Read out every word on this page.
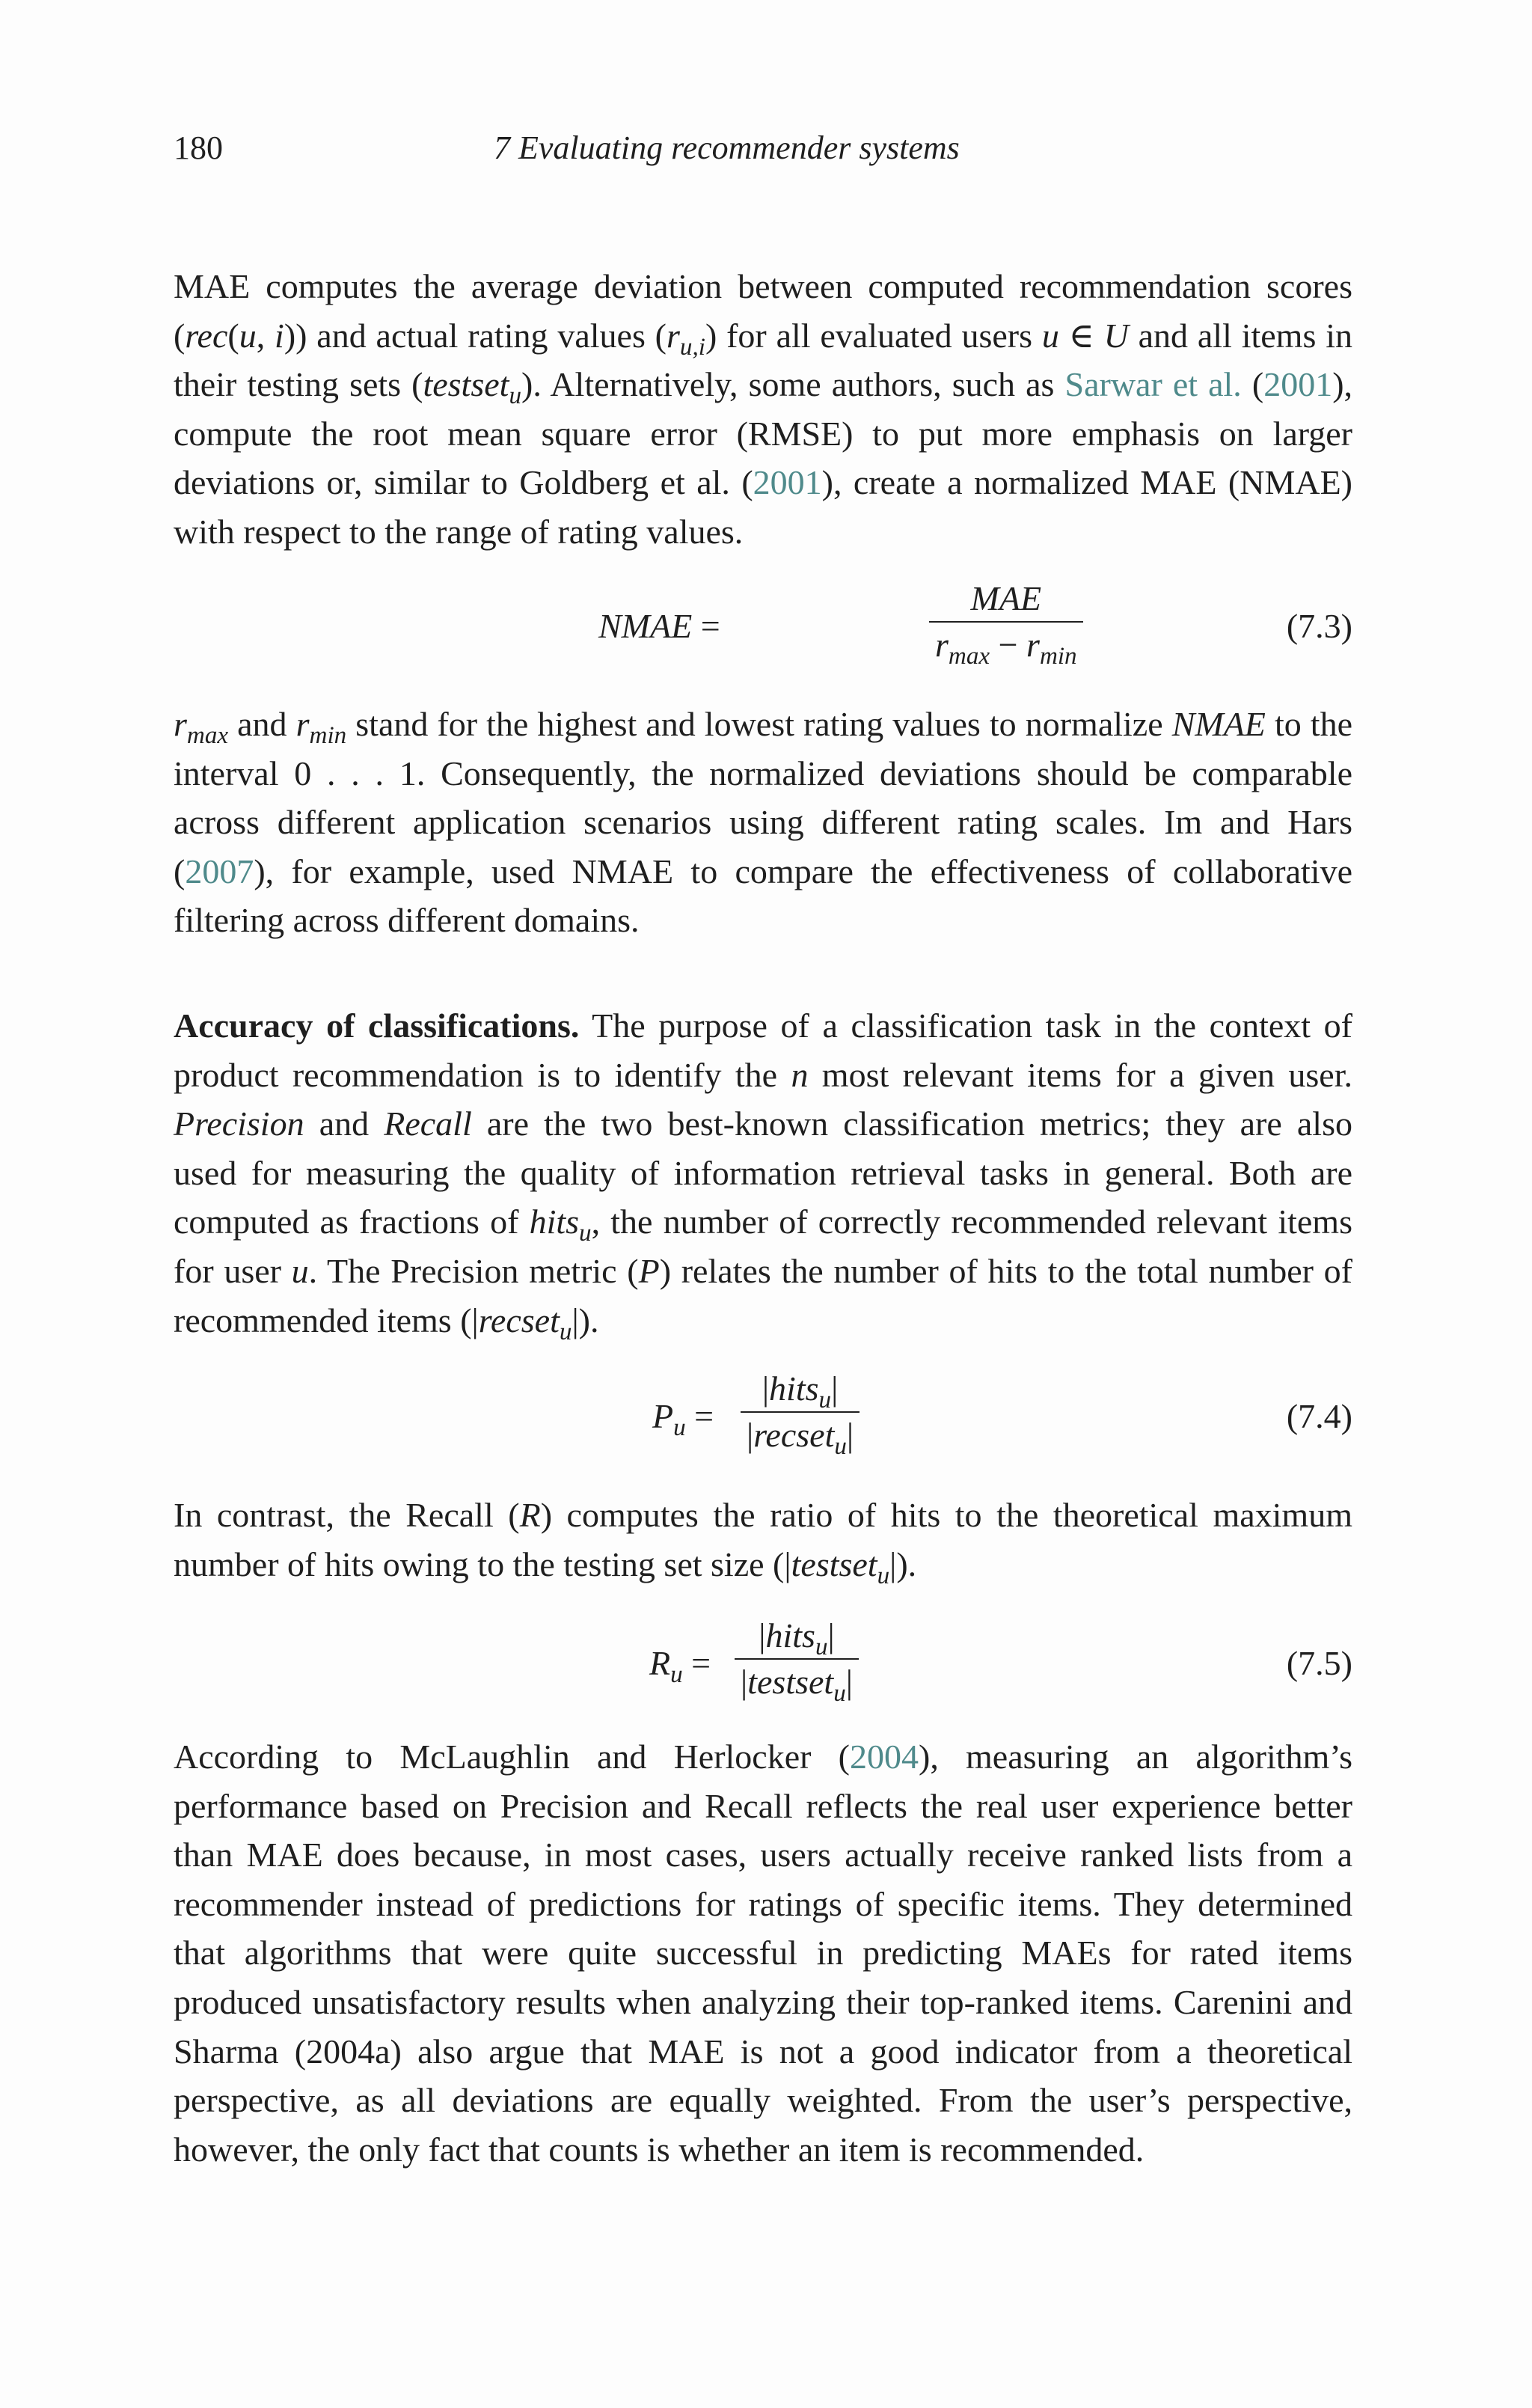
180	7 Evaluating recommender systems

MAE computes the average deviation between computed recommendation scores (rec(u, i)) and actual rating values $(r_{u,i})$ for all evaluated users u ∈ U and all items in their testing sets (testset$_u$). Alternatively, some authors, such as Sarwar et al. (2001), compute the root mean square error (RMSE) to put more emphasis on larger deviations or, similar to Goldberg et al. (2001), create a normalized MAE (NMAE) with respect to the range of rating values.

NMAE =
MAE
$r_{max} - r_{min}$
(7.3)

$r_{max}$ and $r_{min}$ stand for the highest and lowest rating values to normalize NMAE to the interval 0 . . . 1. Consequently, the normalized deviations should be comparable across different application scenarios using different rating scales. Im and Hars (2007), for example, used NMAE to compare the effectiveness of collaborative filtering across different domains.

Accuracy of classifications. The purpose of a classification task in the context of product recommendation is to identify the n most relevant items for a given user. Precision and Recall are the two best-known classification metrics; they are also used for measuring the quality of information retrieval tasks in general. Both are computed as fractions of hits$_u$, the number of correctly recommended relevant items for user u. The Precision metric (P) relates the number of hits to the total number of recommended items (|recset$_u$|).

$P_u$ =
|hits$_u$|
|recset$_u$|	(7.4)

In contrast, the Recall (R) computes the ratio of hits to the theoretical maximum number of hits owing to the testing set size (|testset$_u$|).

$R_u$ =
|hits$_u$|
|testset$_u$|	(7.5)

According to McLaughlin and Herlocker (2004), measuring an algorithm’s performance based on Precision and Recall reflects the real user experience better than MAE does because, in most cases, users actually receive ranked lists from a recommender instead of predictions for ratings of specific items. They determined that algorithms that were quite successful in predicting MAEs for rated items produced unsatisfactory results when analyzing their top-ranked items. Carenini and Sharma (2004a) also argue that MAE is not a good indicator from a theoretical perspective, as all deviations are equally weighted. From the user’s perspective, however, the only fact that counts is whether an item is recommended.
